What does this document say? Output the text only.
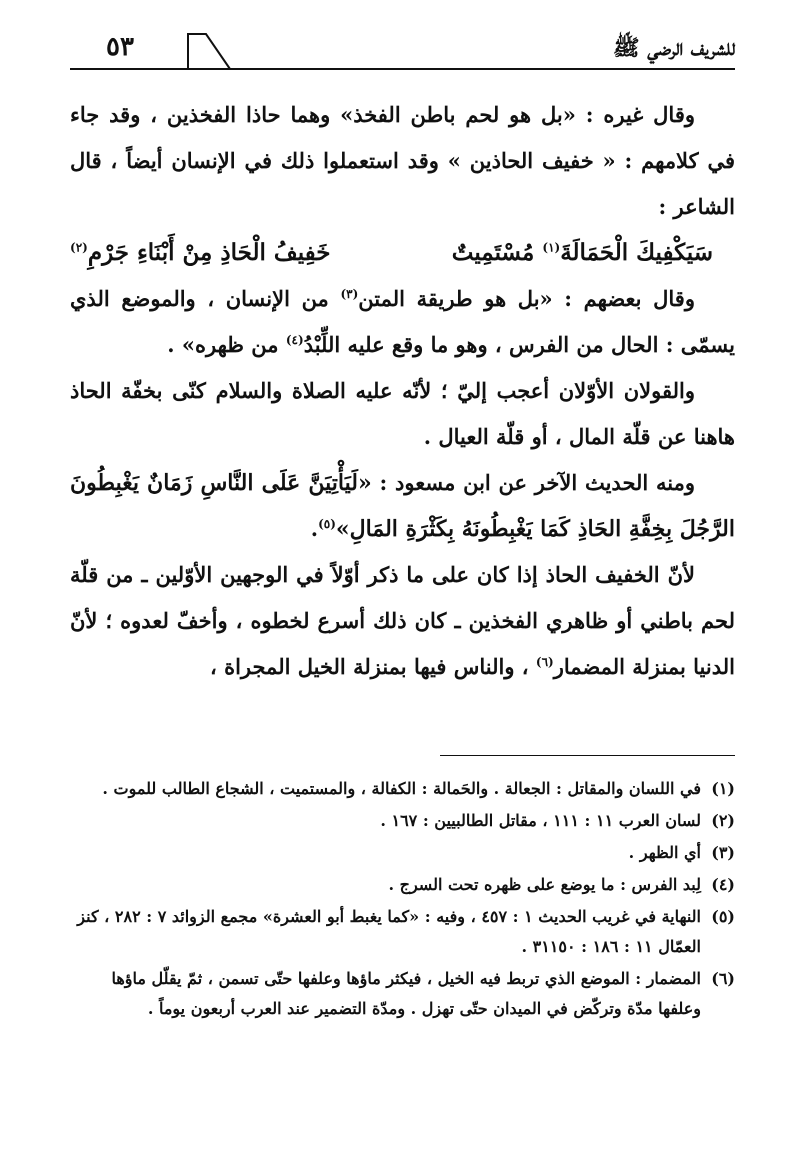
٥٣	للشريف الرضي ﷺ

وقال غيره : «بل هو لحم باطن الفخذ» وهما حاذا الفخذين ، وقد جاء في كلامهم : « خفيف الحاذين » وقد استعملوا ذلك في الإنسان أيضاً ، قال الشاعر :

سَيَكْفِيكَ الْحَمَالَةَ$^{(١)}$ مُسْتَمِيتٌ
خَفِيفُ الْحَاذِ مِنْ أَبْنَاءِ جَرْمِ$^{(٢)}$

وقال بعضهم : «بل هو طريقة المتن$^{(٣)}$ من الإنسان ، والموضع الذي يسمّى : الحال من الفرس ، وهو ما وقع عليه اللِّبْدُ$^{(٤)}$ من ظهره» .

والقولان الأوّلان أعجب إليّ ؛ لأنّه عليه الصلاة والسلام كنّى بخفّة الحاذ هاهنا عن قلّة المال ، أو قلّة العيال .

ومنه الحديث الآخر عن ابن مسعود : «لَيَأْتِيَنَّ عَلَى النَّاسِ زَمَانٌ يَغْبِطُونَ الرَّجُلَ بِخِفَّةِ الحَاذِ كَمَا يَغْبِطُونَهُ بِكَثْرَةِ المَالِ»$^{(٥)}$.

لأنّ الخفيف الحاذ إذا كان على ما ذكر أوّلاً في الوجهين الأوّلين ـ من قلّة لحم باطني أو ظاهري الفخذين ـ كان ذلك أسرع لخطوه ، وأخفّ لعدوه ؛ لأنّ الدنيا بمنزلة المضمار$^{(٦)}$ ، والناس فيها بمنزلة الخيل المجراة ،

(١)
في اللسان والمقاتل : الجعالة . والحَمالة : الكفالة ، والمستميت ، الشجاع الطالب للموت .
(٢)
لسان العرب ١١ : ١١١ ، مقاتل الطالبيين : ١٦٧ .
(٣)
أي الظهر .
(٤)
لِبد الفرس : ما يوضع على ظهره تحت السرج .
(٥)
النهاية في غريب الحديث ١ : ٤٥٧ ، وفيه : «كما يغبط أبو العشرة» مجمع الزوائد ٧ : ٢٨٢ ، كنز العمّال ١١ : ١٨٦ : ٣١١٥٠ .
(٦)
المضمار : الموضع الذي تربط فيه الخيل ، فيكثر ماؤها وعلفها حتّى تسمن ، ثمّ يقلّل ماؤها وعلفها مدّة وتركّض في الميدان حتّى تهزل . ومدّة التضمير عند العرب أربعون يوماً .
